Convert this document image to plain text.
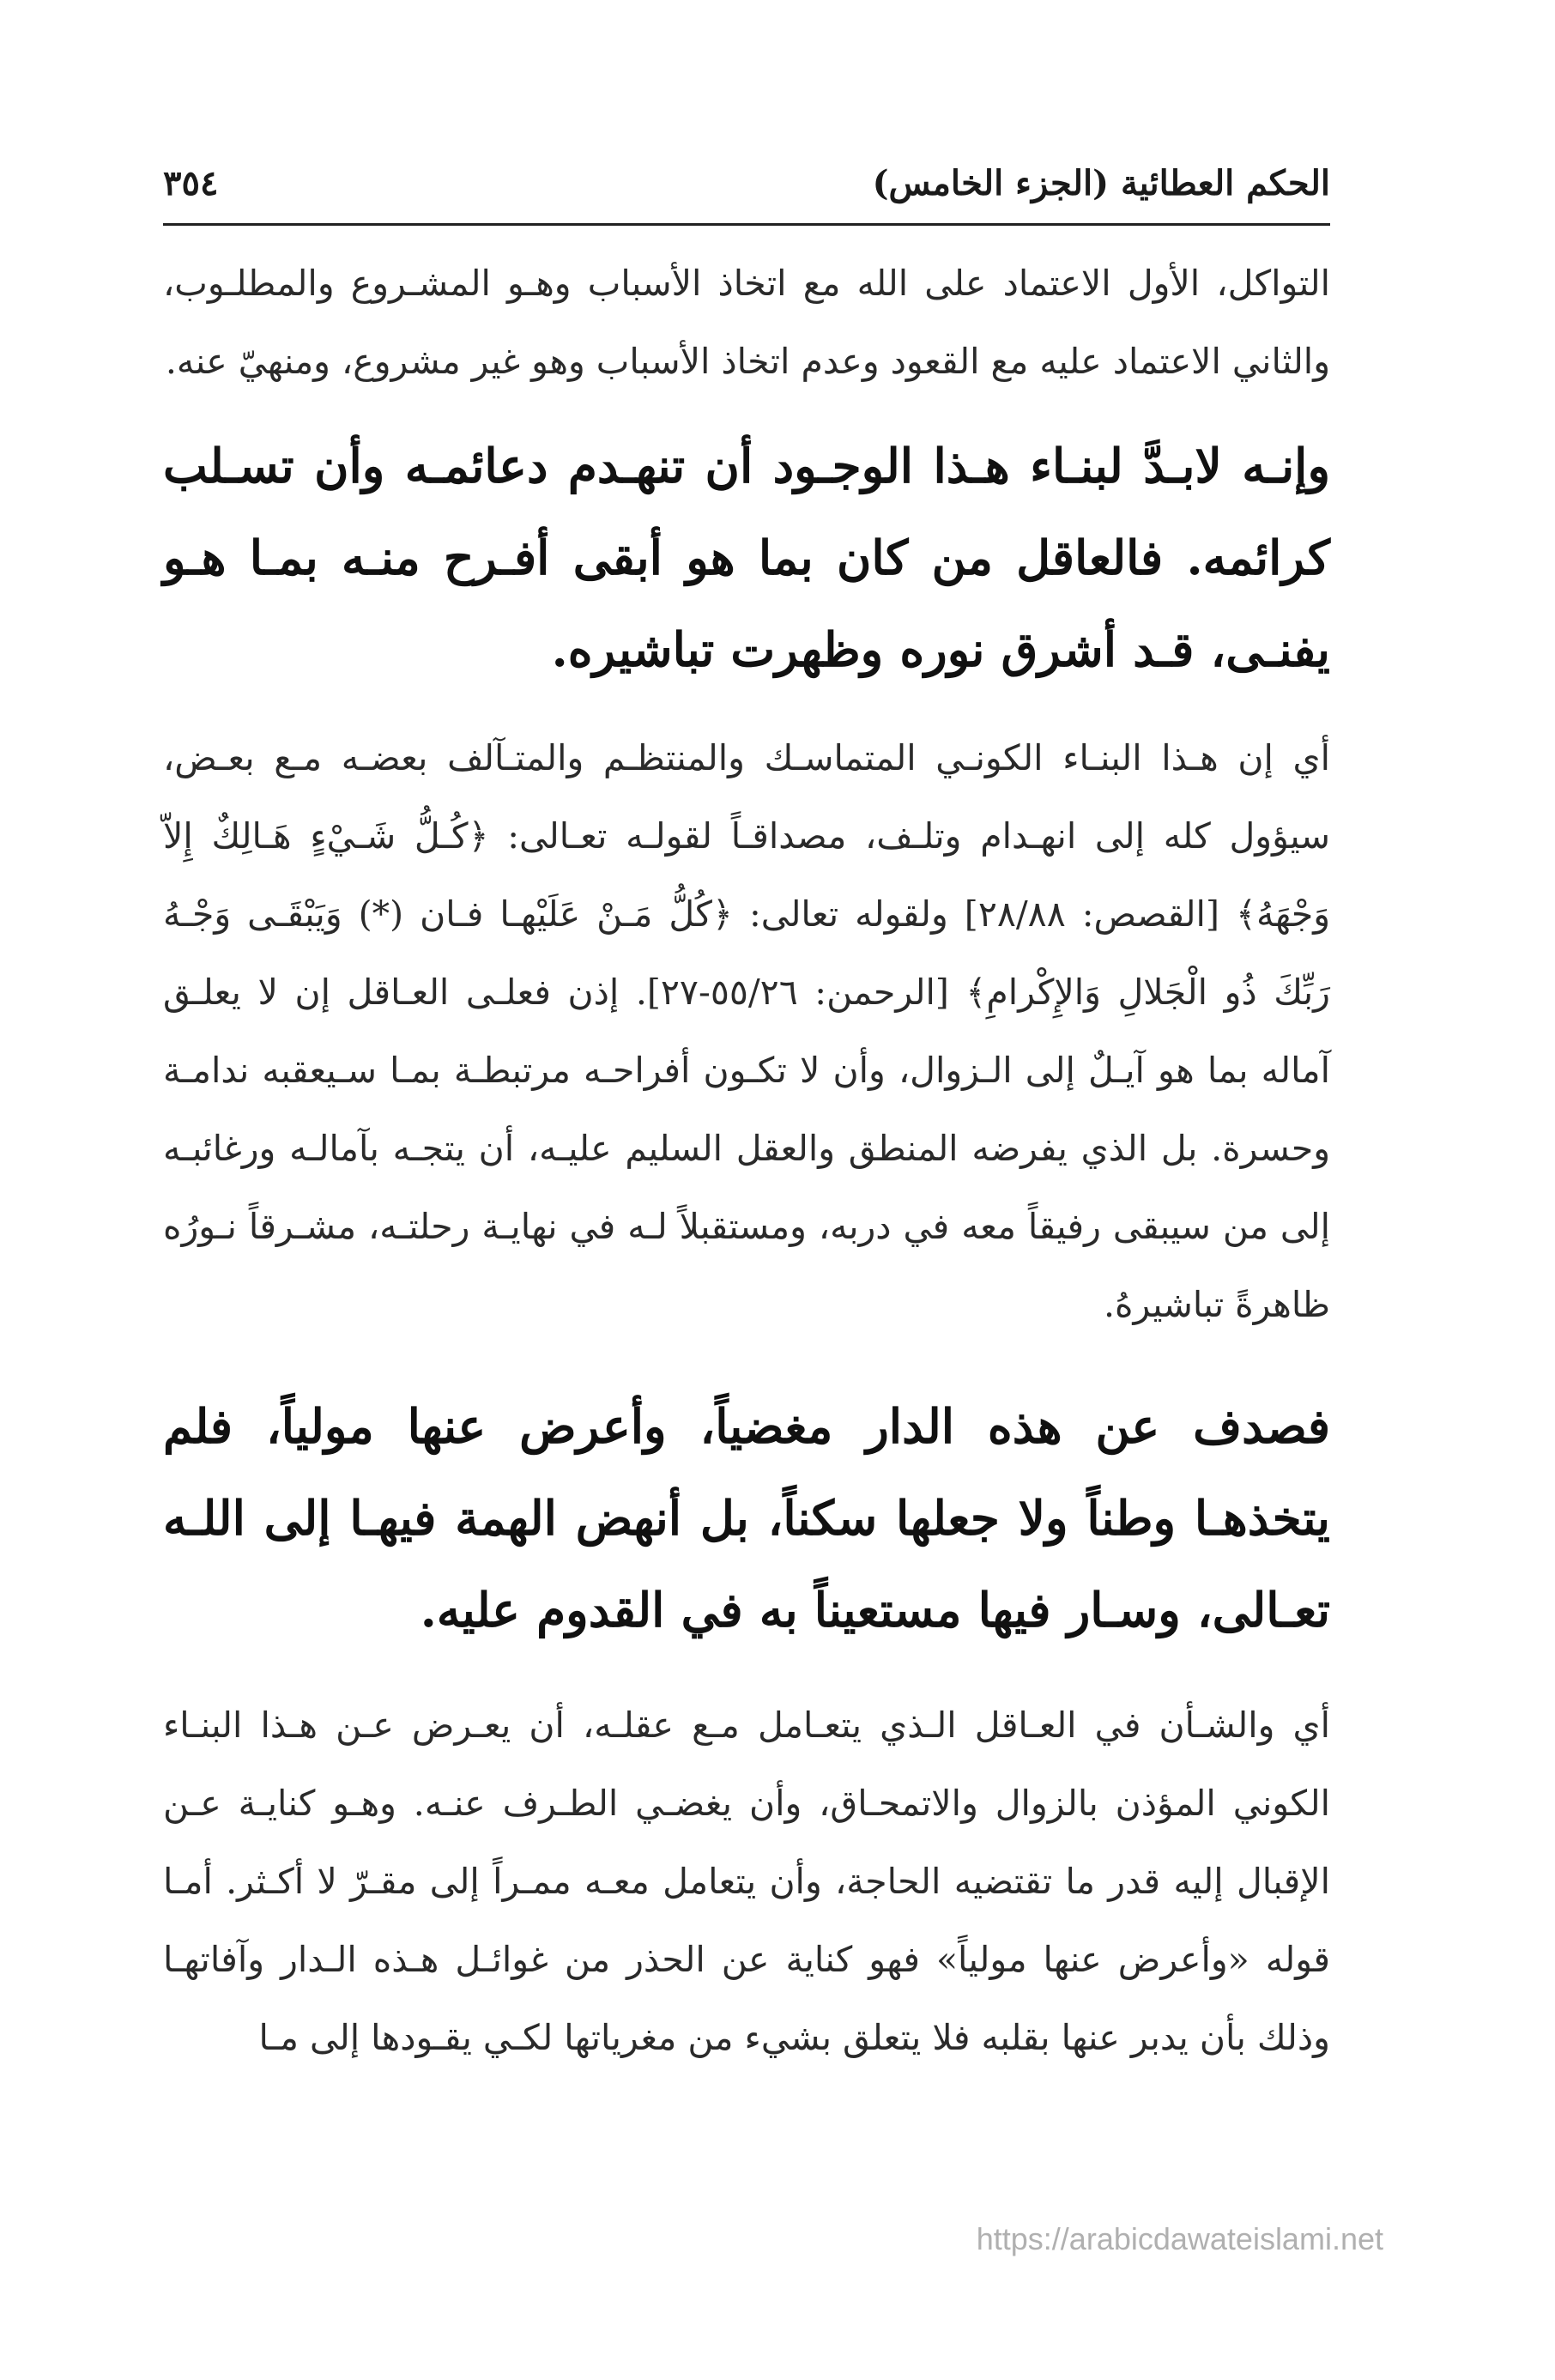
الحكم العطائية (الجزء الخامس)
٣٥٤

التواكل، الأول الاعتماد على الله مع اتخاذ الأسباب وهـو المشـروع والمطلـوب، والثاني الاعتماد عليه مع القعود وعدم اتخاذ الأسباب وهو غير مشروع، ومنهيّ عنه.

وإنـه لابـدَّ لبنـاء هـذا الوجـود أن تنهـدم دعائمـه وأن تسـلب كرائمه. فالعاقل من كان بما هو أبقى أفـرح منـه بمـا هـو يفنـى، قـد أشرق نوره وظهرت تباشيره.

أي إن هـذا البنـاء الكونـي المتماسـك والمنتظـم والمتـآلف بعضـه مـع بعـض، سيؤول كله إلى انهـدام وتلـف، مصداقـاً لقولـه تعـالى: ﴿كُـلُّ شَـيْءٍ هَـالِكٌ إِلاّ وَجْهَهُ﴾ [القصص: ٢٨/٨٨] ولقوله تعالى: ﴿كُلُّ مَـنْ عَلَيْهـا فـان (*) وَيَبْقَـى وَجْـهُ رَبِّكَ ذُو الْجَلالِ وَالإِكْرامِ﴾ [الرحمن: ٥٥/٢٦-٢٧]. إذن فعلـى العـاقل إن لا يعلـق آماله بما هو آيـلٌ إلى الـزوال، وأن لا تكـون أفراحـه مرتبطـة بمـا سـيعقبه ندامـة وحسرة. بل الذي يفرضه المنطق والعقل السليم عليـه، أن يتجـه بآمالـه ورغائبـه إلى من سيبقى رفيقاً معه في دربه، ومستقبلاً لـه في نهايـة رحلتـه، مشـرقاً نـورُه ظاهرةً تباشيرهُ.

فصدف عن هذه الدار مغضياً، وأعرض عنها مولياً، فلم يتخذهـا وطناً ولا جعلها سكناً، بل أنهض الهمة فيهـا إلى اللـه تعـالى، وسـار فيها مستعيناً به في القدوم عليه.

أي والشـأن في العـاقل الـذي يتعـامل مـع عقلـه، أن يعـرض عـن هـذا البنـاء الكوني المؤذن بالزوال والاتمحـاق، وأن يغضـي الطـرف عنـه. وهـو كنايـة عـن الإقبال إليه قدر ما تقتضيه الحاجة، وأن يتعامل معـه ممـراً إلى مقـرّ لا أكـثر. أمـا قوله «وأعرض عنها مولياً» فهو كناية عن الحذر من غوائـل هـذه الـدار وآفاتهـا وذلك بأن يدبر عنها بقلبه فلا يتعلق بشيء من مغرياتها لكـي يقـودها إلى مـا

https://arabicdawateislami.net
